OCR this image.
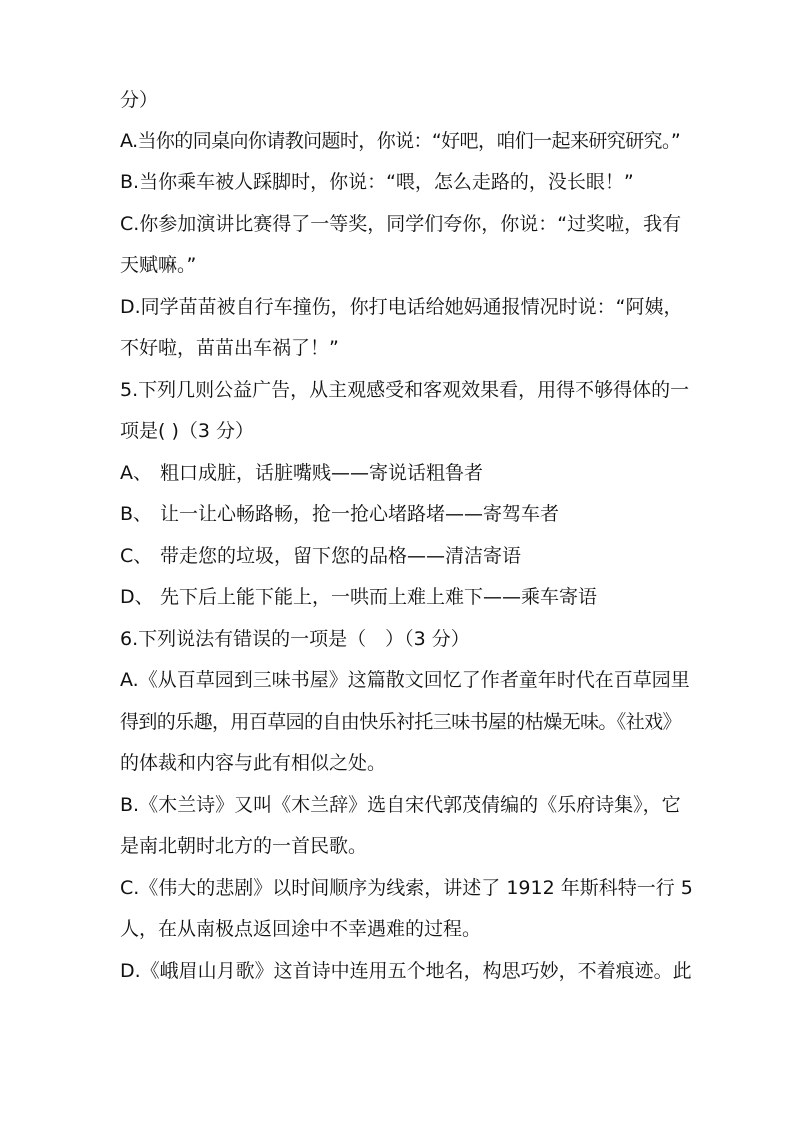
分）
A.当你的同桌向你请教问题时，你说：“好吧，咱们一起来研究研究。”
B.当你乘车被人踩脚时，你说：“喂，怎么走路的，没长眼！”
C.你参加演讲比赛得了一等奖，同学们夸你，你说：“过奖啦，我有
天赋嘛。”
D.同学苗苗被自行车撞伤，你打电话给她妈通报情况时说：“阿姨，
不好啦，苗苗出车祸了！”
5.下列几则公益广告，从主观感受和客观效果看，用得不够得体的一
项是( )（3 分）
A、 粗口成脏，话脏嘴贱——寄说话粗鲁者
B、 让一让心畅路畅，抢一抢心堵路堵——寄驾车者
C、 带走您的垃圾，留下您的品格——清洁寄语
D、 先下后上能下能上，一哄而上难上难下——乘车寄语
6.下列说法有错误的一项是（　）（3 分）
A.《从百草园到三味书屋》这篇散文回忆了作者童年时代在百草园里
得到的乐趣，用百草园的自由快乐衬托三味书屋的枯燥无味。《社戏》
的体裁和内容与此有相似之处。
B.《木兰诗》又叫《木兰辞》选自宋代郭茂倩编的《乐府诗集》，它
是南北朝时北方的一首民歌。
C.《伟大的悲剧》以时间顺序为线索，讲述了 1912 年斯科特一行 5
人，在从南极点返回途中不幸遇难的过程。
D.《峨眉山月歌》这首诗中连用五个地名，构思巧妙，不着痕迹。此
